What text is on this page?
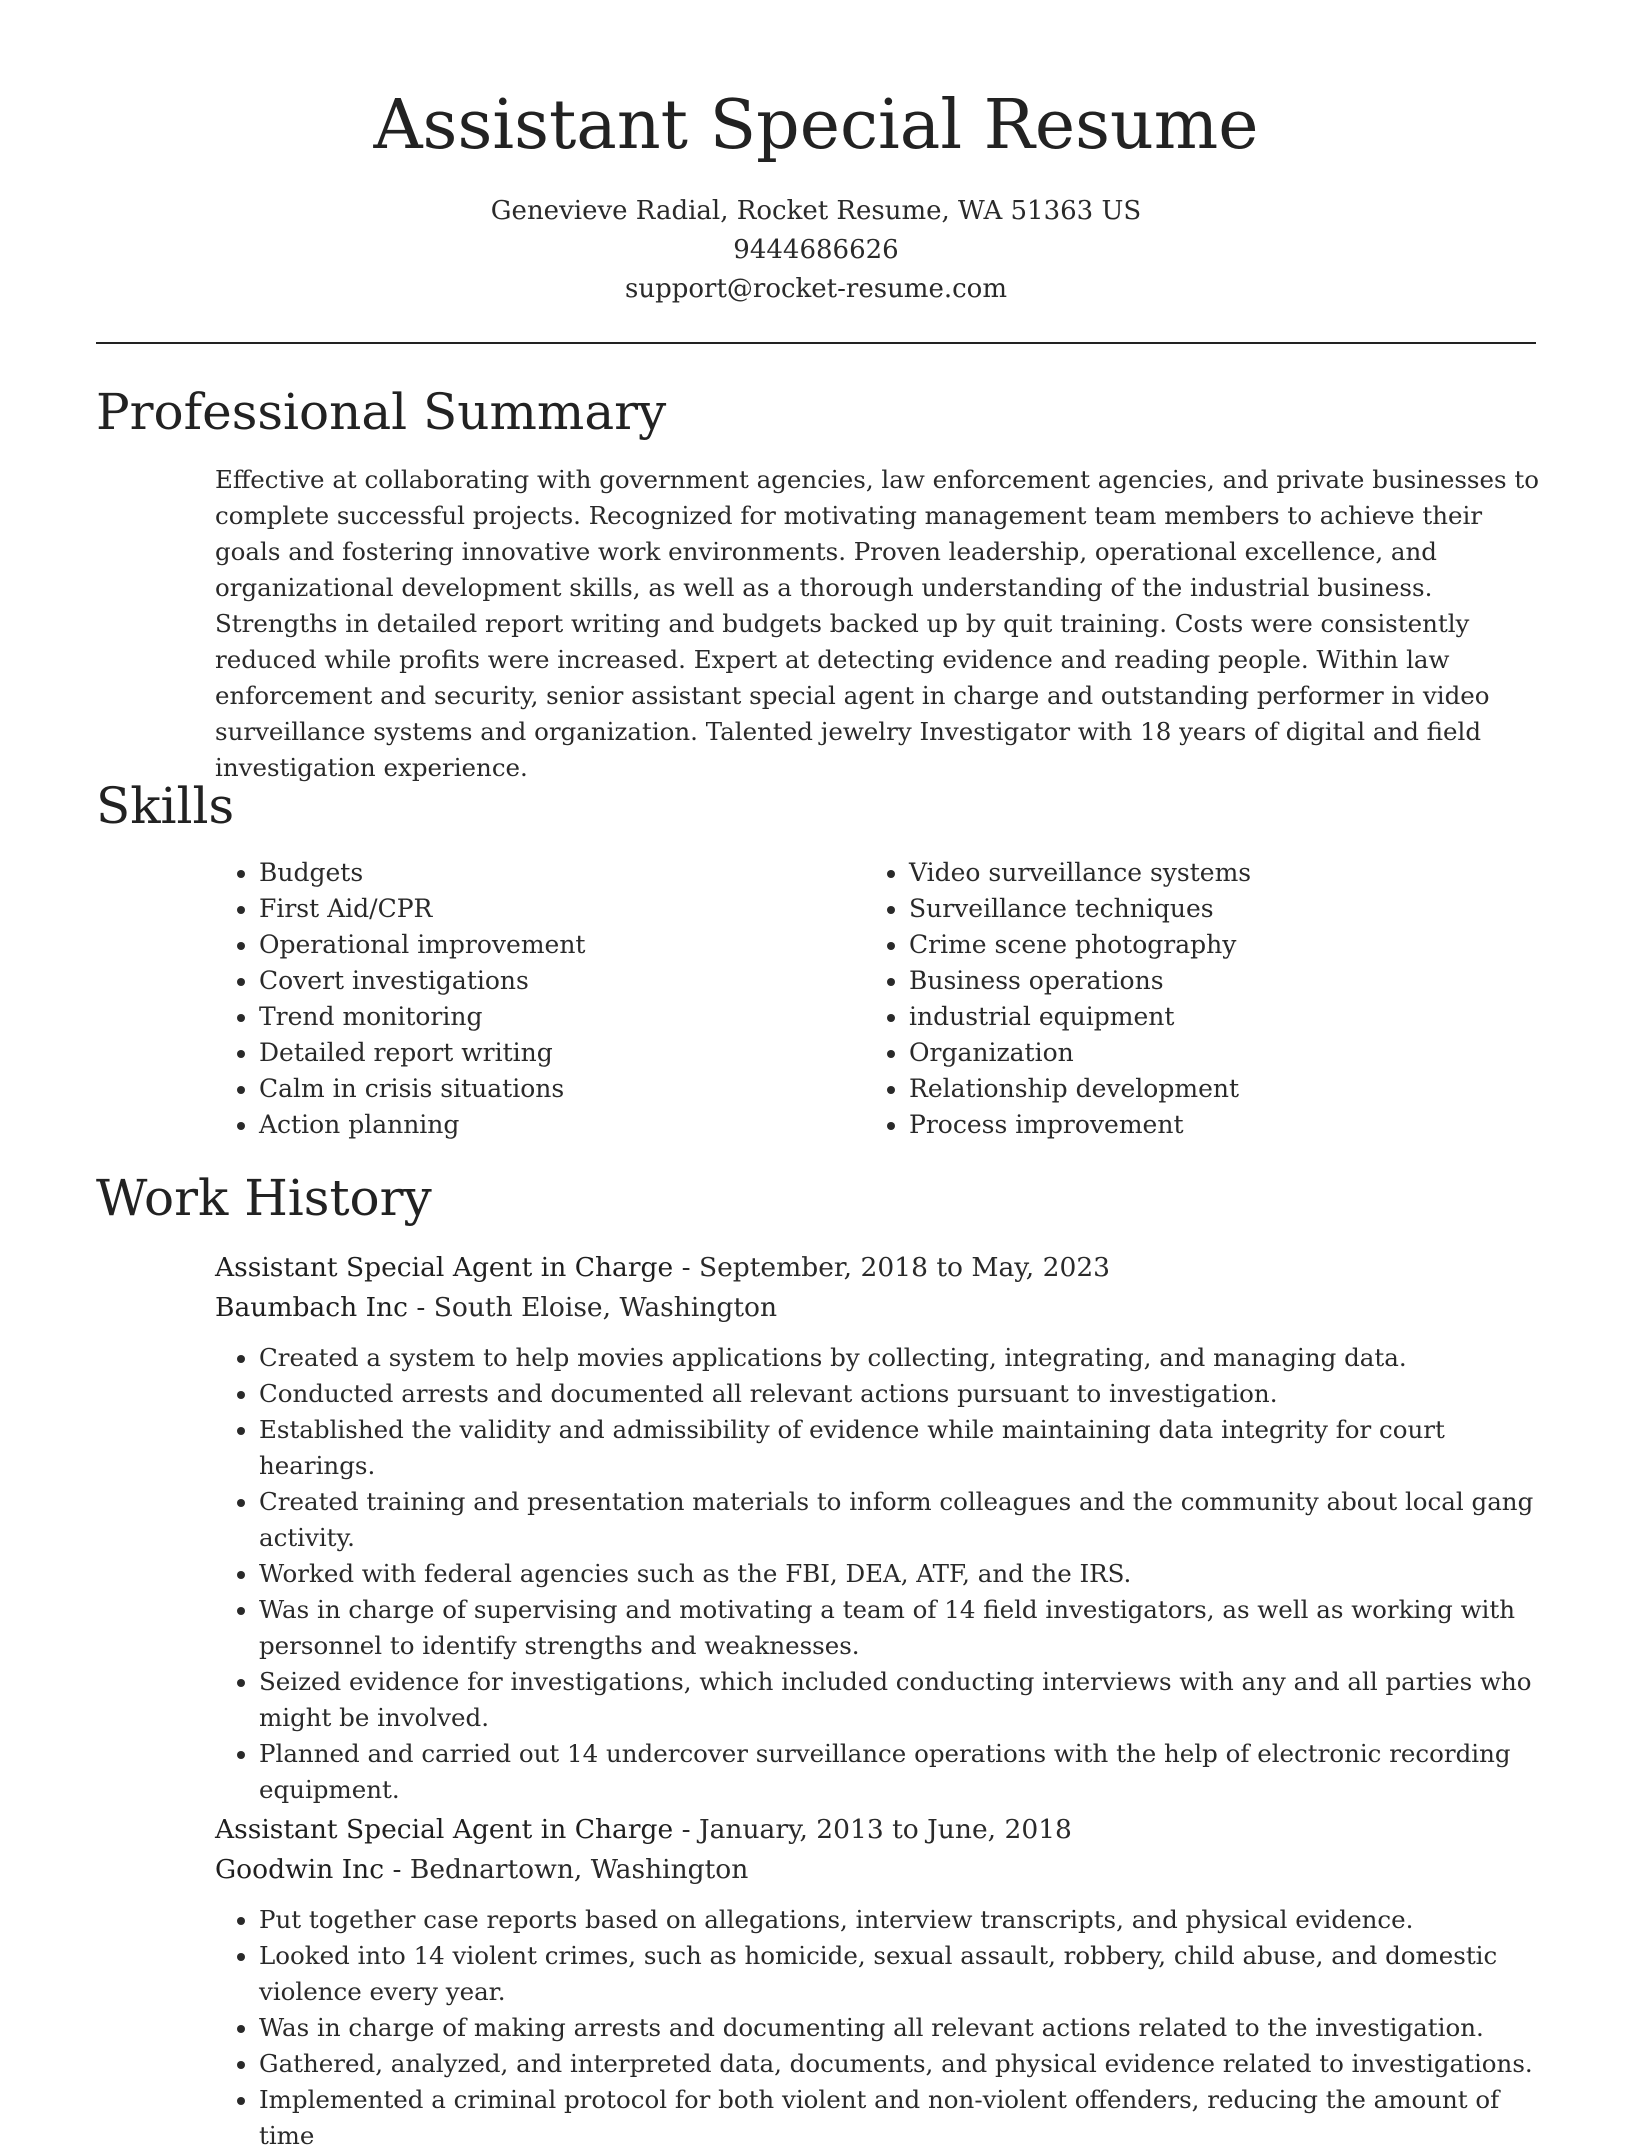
Assistant Special Resume
Genevieve Radial, Rocket Resume, WA 51363 US
9444686626
support@rocket-resume.com
Professional Summary

Effective at collaborating with government agencies, law enforcement agencies, and private businesses to complete successful projects. Recognized for motivating management team members to achieve their goals and fostering innovative work environments. Proven leadership, operational excellence, and organizational development skills, as well as a thorough understanding of the industrial business. Strengths in detailed report writing and budgets backed up by quit training. Costs were consistently reduced while profits were increased. Expert at detecting evidence and reading people. Within law enforcement and security, senior assistant special agent in charge and outstanding performer in video surveillance systems and organization. Talented jewelry Investigator with 18 years of digital and field investigation experience.

Skills
• Budgets
• First Aid/CPR
• Operational improvement
• Covert investigations
• Trend monitoring
• Detailed report writing
• Calm in crisis situations
• Action planning
• Video surveillance systems
• Surveillance techniques
• Crime scene photography
• Business operations
• industrial equipment
• Organization
• Relationship development
• Process improvement
Work History
Assistant Special Agent in Charge - September, 2018 to May, 2023
Baumbach Inc - South Eloise, Washington
• Created a system to help movies applications by collecting, integrating, and managing data.
• Conducted arrests and documented all relevant actions pursuant to investigation.
• Established the validity and admissibility of evidence while maintaining data integrity for court hearings.
• Created training and presentation materials to inform colleagues and the community about local gang activity.
• Worked with federal agencies such as the FBI, DEA, ATF, and the IRS.
• Was in charge of supervising and motivating a team of 14 field investigators, as well as working with personnel to identify strengths and weaknesses.
• Seized evidence for investigations, which included conducting interviews with any and all parties who might be involved.
• Planned and carried out 14 undercover surveillance operations with the help of electronic recording equipment.
Assistant Special Agent in Charge - January, 2013 to June, 2018
Goodwin Inc - Bednartown, Washington
• Put together case reports based on allegations, interview transcripts, and physical evidence.
• Looked into 14 violent crimes, such as homicide, sexual assault, robbery, child abuse, and domestic violence every year.
• Was in charge of making arrests and documenting all relevant actions related to the investigation.
• Gathered, analyzed, and interpreted data, documents, and physical evidence related to investigations.
• Implemented a criminal protocol for both violent and non-violent offenders, reducing the amount of time
